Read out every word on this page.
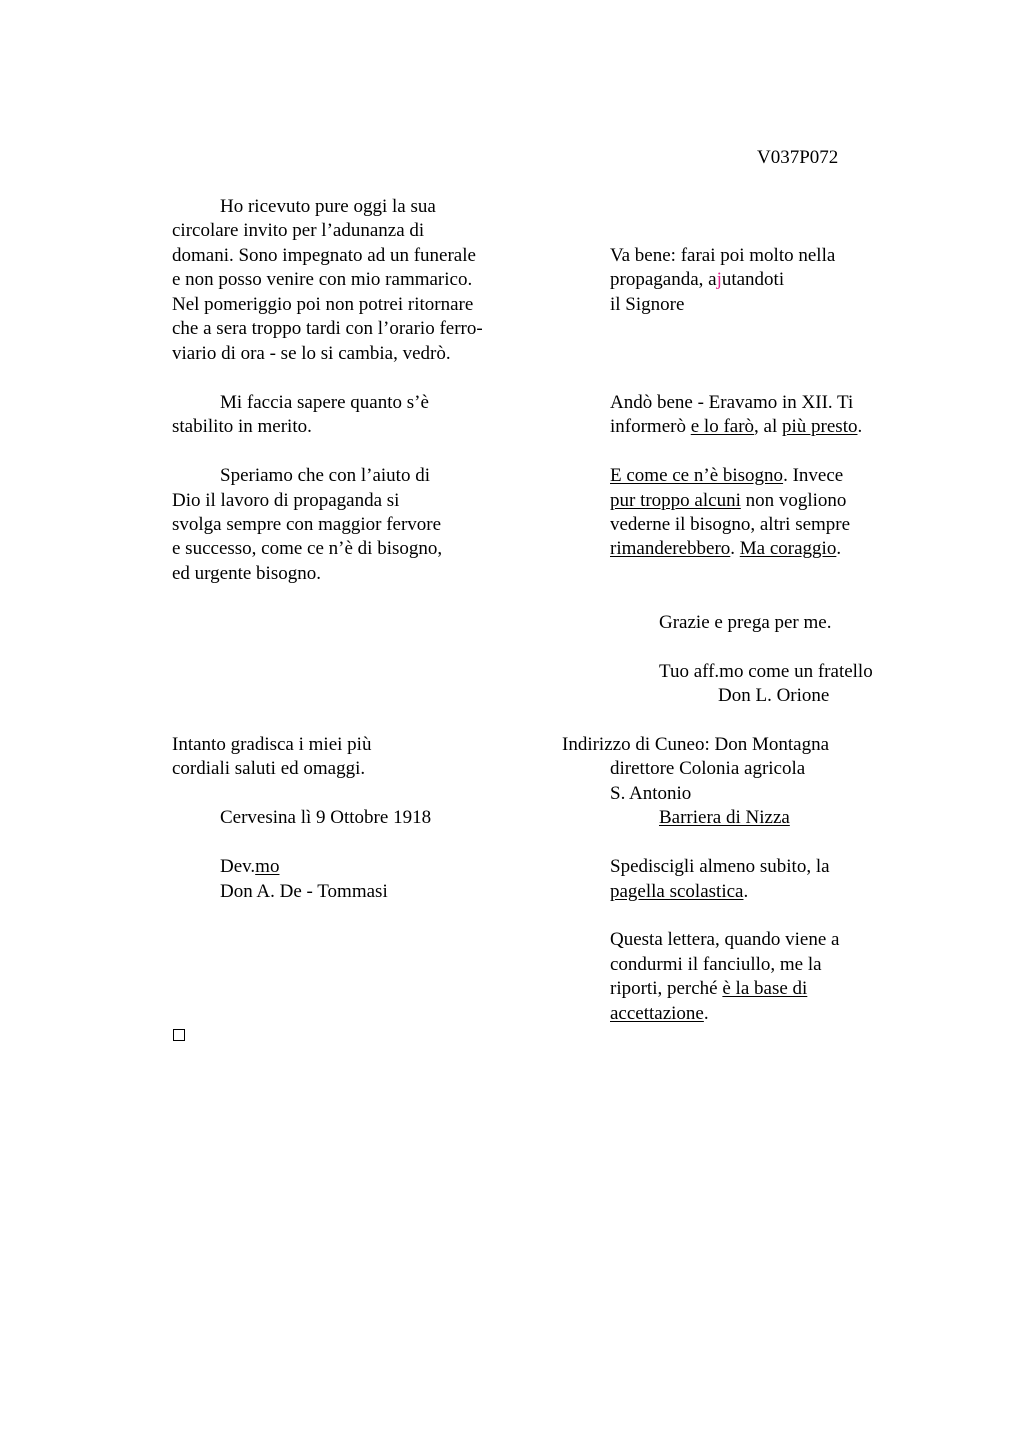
V037P072
Ho ricevuto pure oggi la sua
circolare invito per l’adunanza di
domani. Sono impegnato ad un funerale
e non posso venire con mio rammarico.
Nel pomeriggio poi non potrei ritornare
che a sera troppo tardi con l’orario ferro-
viario di ora - se lo si cambia, vedrò.
Mi faccia sapere quanto s’è
stabilito in merito.
Speriamo che con l’aiuto di
Dio il lavoro di propaganda si
svolga sempre con maggior fervore
e successo, come ce n’è di bisogno,
ed urgente bisogno.
Intanto gradisca i miei più
cordiali saluti ed omaggi.
Cervesina lì 9 Ottobre 1918
Dev.mo
Don A. De - Tommasi
Va bene: farai poi molto nella
propaganda, ajutandoti
il Signore
Andò bene - Eravamo in XII. Ti
informerò e lo farò, al più presto.
E come ce n’è bisogno. Invece
pur troppo alcuni non vogliono
vederne il bisogno, altri sempre
rimanderebbero. Ma coraggio.
Grazie e prega per me.
Tuo aff.mo come un fratello
Don L. Orione
Indirizzo di Cuneo: Don Montagna
direttore Colonia agricola
S. Antonio
Barriera di Nizza
Spediscigli almeno subito, la
pagella scolastica.
Questa lettera, quando viene a
condurmi il fanciullo, me la
riporti, perché è la base di
accettazione.
